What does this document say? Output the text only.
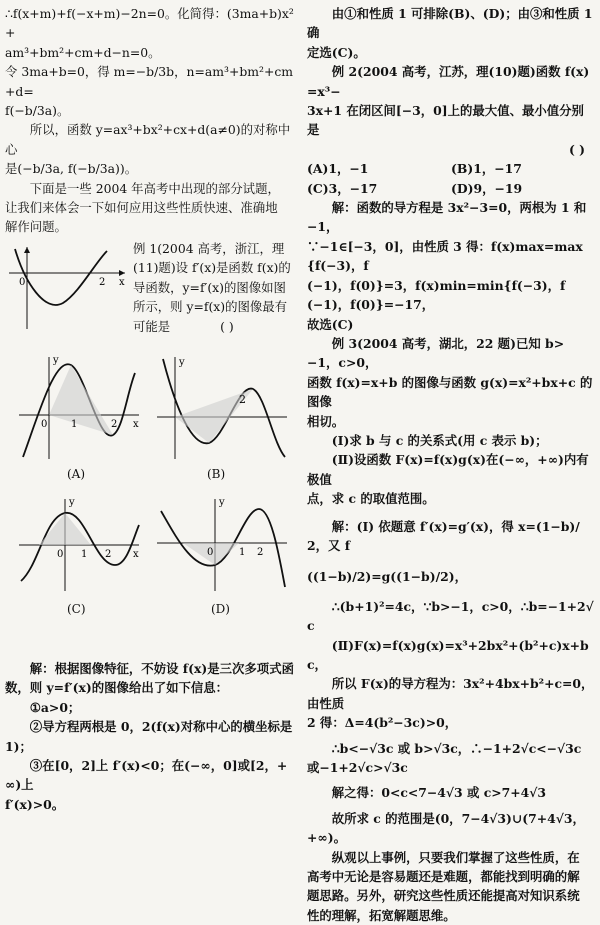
∴f(x+m)+f(−x+m)−2n=0。化简得：(3ma+b)x²+

am³+bm²+cm+d−n=0。

令 3ma+b=0，得 m=−b/3b，n=am³+bm²+cm+d=

f(−b/3a)。

所以，函数 y=ax³+bx²+cx+d(a≠0)的对称中心

是(−b/3a, f(−b/3a))。

下面是一些 2004 年高考中出现的部分试题，

让我们来体会一下如何应用这些性质快速、准确地

解作问题。

0	2 x
例 1(2004 高考，浙江，理(11)题)设 f′(x)是函数 f(x)的导函数，y=f′(x)的图像如图所示，则 y=f(x)的图像最有可能是	( )
0 1	2 x
y
(A)
2
y
(B)
0 1 2 x
y
(C)
0	1 2
y
(D)

解：根据图像特征，不妨设 f(x)是三次多项式函

数，则 y=f′(x)的图像给出了如下信息：

①a>0；

②导方程两根是 0，2(f(x)对称中心的横坐标是

1)；

③在[0，2]上 f′(x)<0；在(−∞，0]或[2，+∞)上

f′(x)>0。

由①和性质 1 可排除(B)、(D)；由③和性质 1 确

定选(C)。

例 2(2004 高考，江苏，理(10)题)函数 f(x)=x³−

3x+1 在闭区间[−3，0]上的最大值、最小值分别是

( )

(A)1，−1	(B)1，−17
(C)3，−17	(D)9，−19

解：函数的导方程是 3x²−3=0，两根为 1 和−1，

∵−1∈[−3，0]，由性质 3 得：f(x)max=max{f(−3)，f

(−1)，f(0)}=3，f(x)min=min{f(−3)，f(−1)，f(0)}=−17，

故选(C)

例 3(2004 高考，湖北，22 题)已知 b>−1，c>0，

函数 f(x)=x+b 的图像与函数 g(x)=x²+bx+c 的图像

相切。

(Ⅰ)求 b 与 c 的关系式(用 c 表示 b)；

(Ⅱ)设函数 F(x)=f(x)g(x)在(−∞，+∞)内有极值

点，求 c 的取值范围。

解：(Ⅰ) 依题意 f′(x)=g′(x)，得 x=(1−b)/2，又 f

((1−b)/2)=g((1−b)/2)，

∴(b+1)²=4c，∵b>−1，c>0，∴b=−1+2√c

(Ⅱ)F(x)=f(x)g(x)=x³+2bx²+(b²+c)x+bc，

所以 F(x)的导方程为：3x²+4bx+b²+c=0，由性质

2 得：Δ=4(b²−3c)>0，

∴b<−√3c 或 b>√3c，∴−1+2√c<−√3c

或−1+2√c>√3c

解之得：0<c<7−4√3 或 c>7+4√3

故所求 c 的范围是(0，7−4√3)∪(7+4√3，

+∞)。

纵观以上事例，只要我们掌握了这些性质，在

高考中无论是容易题还是难题，都能找到明确的解

题思路。另外，研究这些性质还能提高对知识系统

性的理解，拓宽解题思维。
